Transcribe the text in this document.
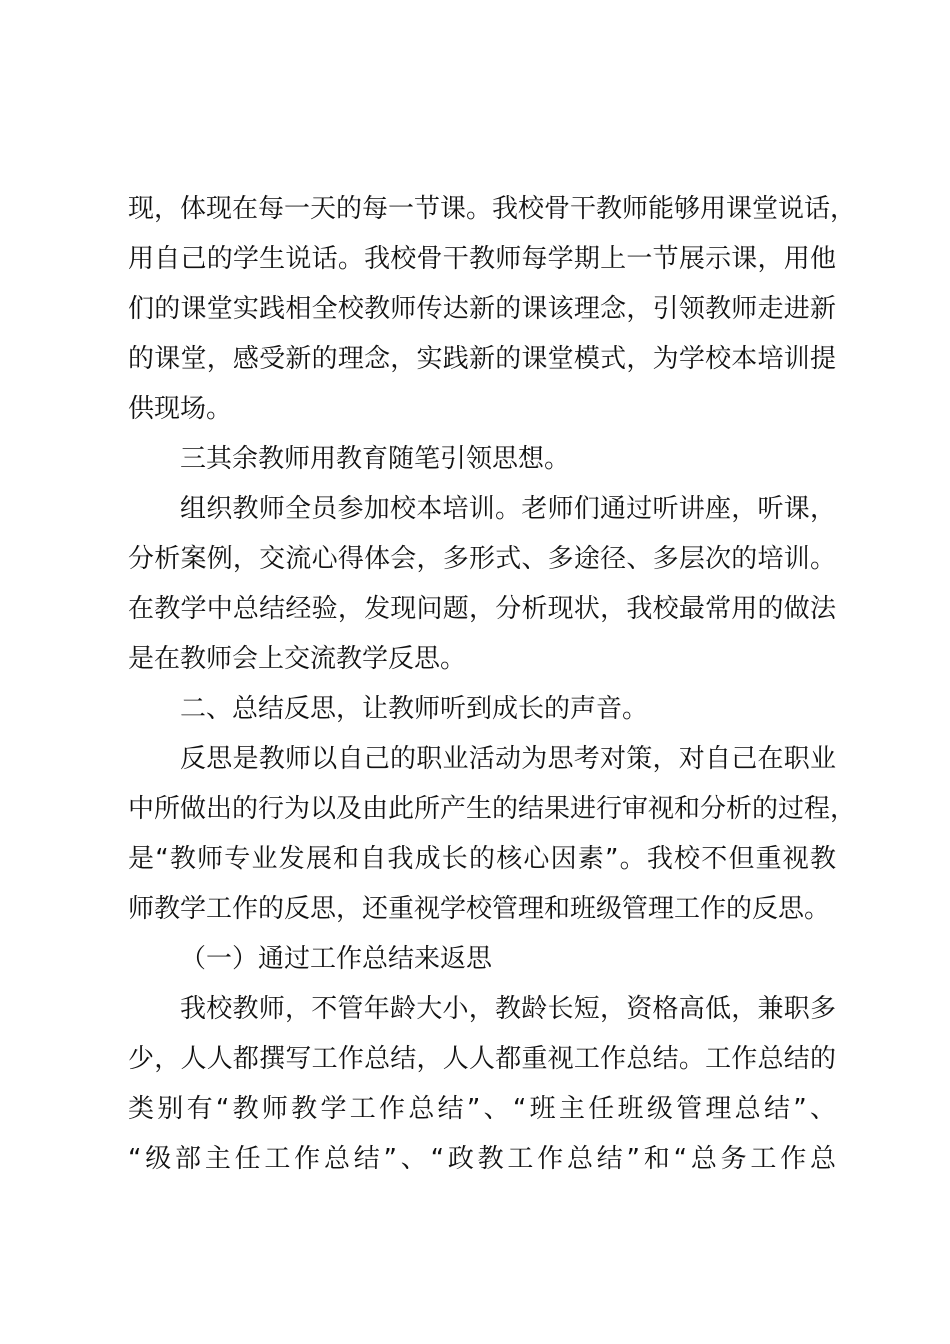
现，体现在每一天的每一节课。我校骨干教师能够用课堂说话，
用自己的学生说话。我校骨干教师每学期上一节展示课，用他
们的课堂实践相全校教师传达新的课该理念，引领教师走进新
的课堂，感受新的理念，实践新的课堂模式，为学校本培训提
供现场。
三其余教师用教育随笔引领思想。
组织教师全员参加校本培训。老师们通过听讲座，听课，
分析案例，交流心得体会，多形式、多途径、多层次的培训。
在教学中总结经验，发现问题，分析现状，我校最常用的做法
是在教师会上交流教学反思。
二、总结反思，让教师听到成长的声音。
反思是教师以自己的职业活动为思考对策，对自己在职业
中所做出的行为以及由此所产生的结果进行审视和分析的过程，
是“教师专业发展和自我成长的核心因素”。我校不但重视教
师教学工作的反思，还重视学校管理和班级管理工作的反思。
（一）通过工作总结来返思
我校教师，不管年龄大小，教龄长短，资格高低，兼职多
少，人人都撰写工作总结，人人都重视工作总结。工作总结的
类别有“教师教学工作总结”、“班主任班级管理总结”、
“级部主任工作总结”、“政教工作总结”和“总务工作总
